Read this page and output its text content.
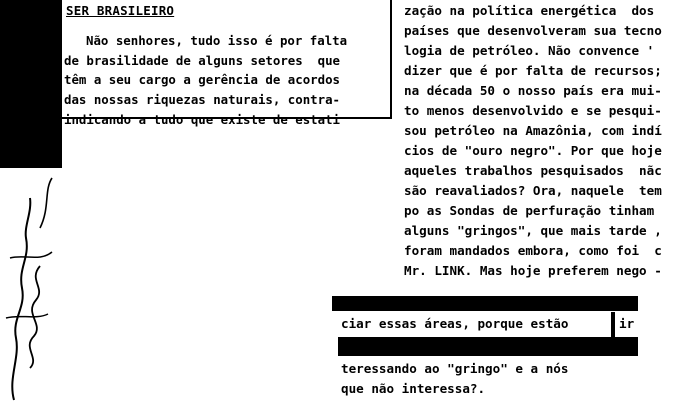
SER BRASILEIRO
Não senhores, tudo isso é por falta
de brasilidade de alguns setores  que
têm a seu cargo a gerência de acordos
das nossas riquezas naturais, contra-
indicando a tudo que existe de estati
zação na política energética  dos
países que desenvolveram sua tecno
logia de petróleo. Não convence '
dizer que é por falta de recursos;
na década 50 o nosso país era mui-
to menos desenvolvido e se pesqui-
sou petróleo na Amazônia, com indí
cios de "ouro negro". Por que hoje
aqueles trabalhos pesquisados  nãc
são reavaliados? Ora, naquele  tem
po as Sondas de perfuração tinham
alguns "gringos", que mais tarde ,
foram mandados embora, como foi  c
Mr. LINK. Mas hoje preferem nego -
ciar essas áreas, porque estão	ir
teressando ao "gringo" e a nós
que não interessa?.
